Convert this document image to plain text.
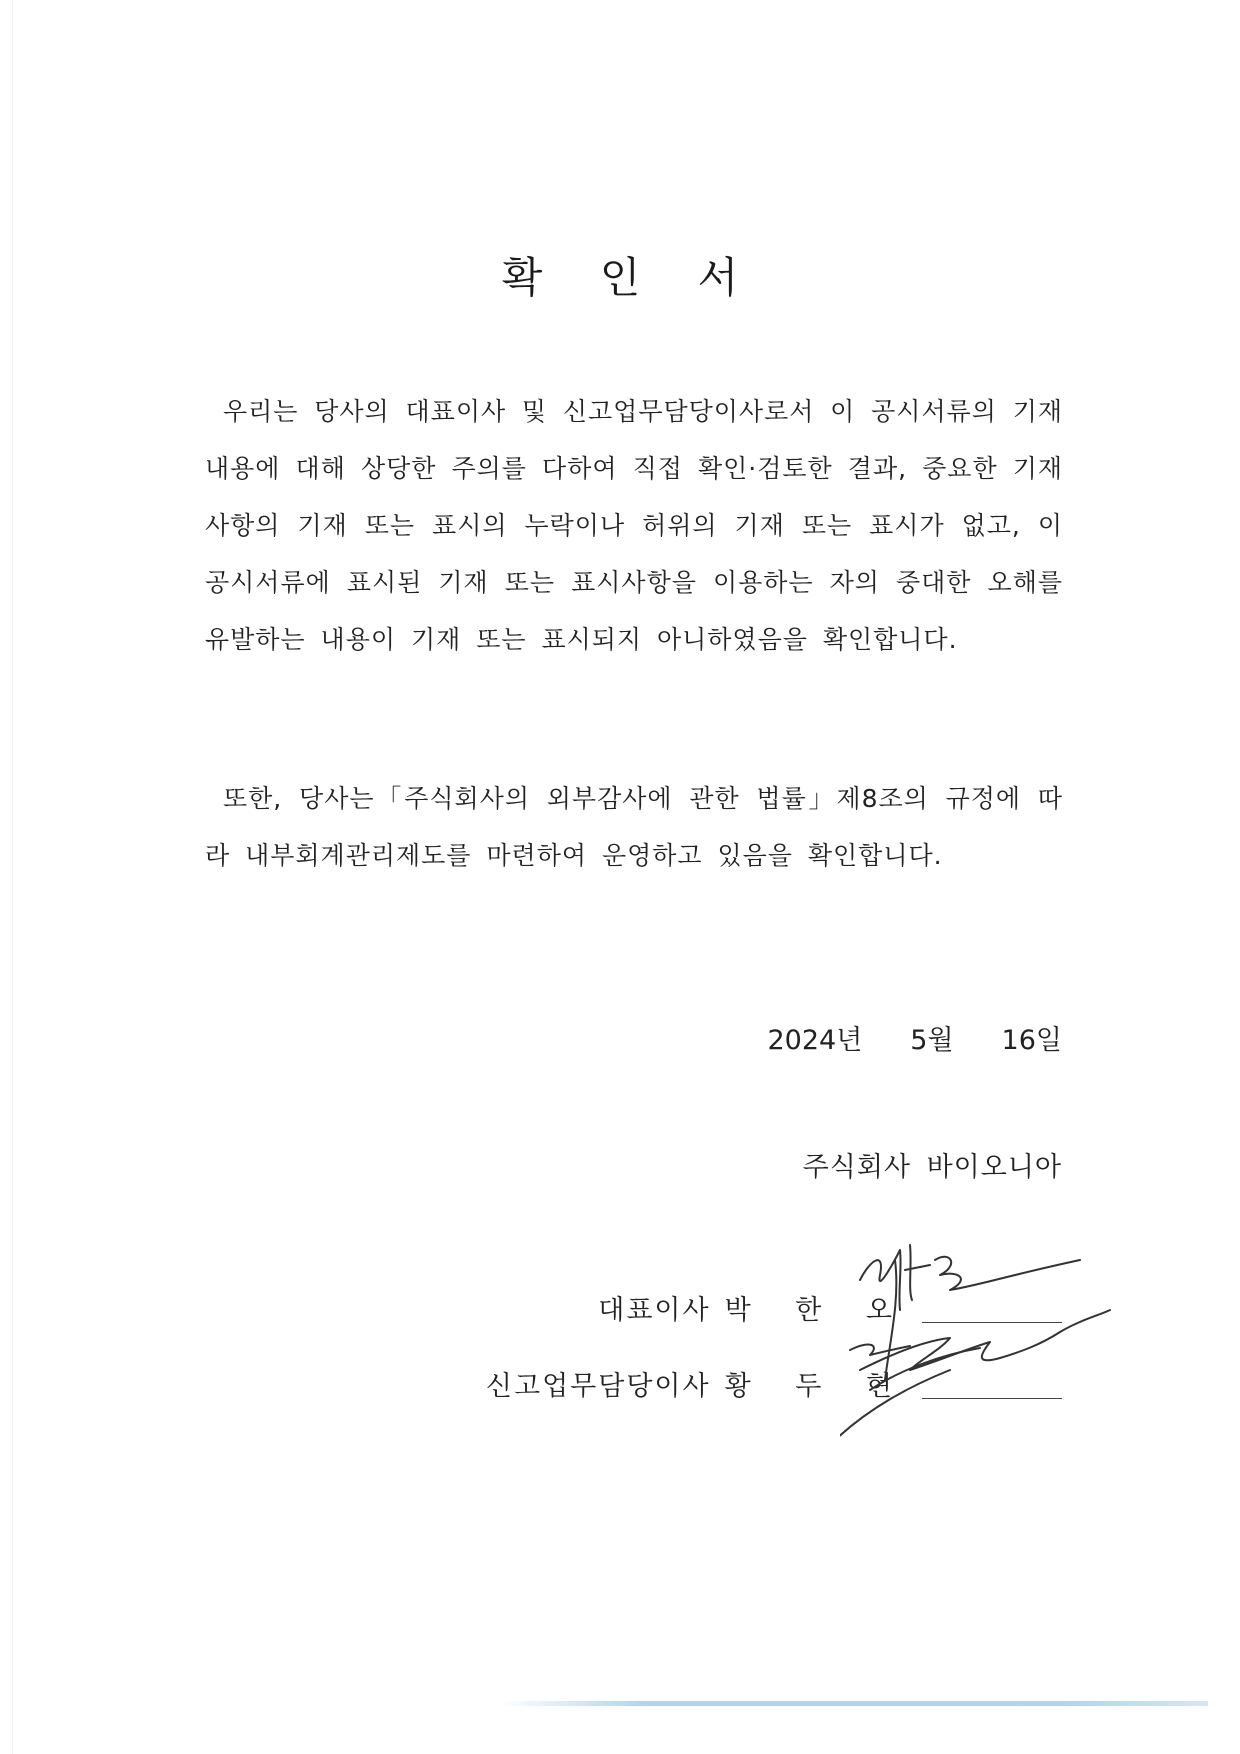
확 인 서
우리는 당사의 대표이사 및 신고업무담당이사로서 이 공시서류의 기재 내용에 대해 상당한 주의를 다하여 직접 확인·검토한 결과, 중요한 기재사항의 기재 또는 표시의 누락이나 허위의 기재 또는 표시가 없고, 이 공시서류에 표시된 기재 또는 표시사항을 이용하는 자의 중대한 오해를 유발하는 내용이 기재 또는 표시되지 아니하였음을 확인합니다.
또한, 당사는「주식회사의 외부감사에 관한 법률」제8조의 규정에 따라 내부회계관리제도를 마련하여 운영하고 있음을 확인합니다.
2024년 5월 16일
주식회사 바이오니아
대표이사 박 한 오
신고업무담당이사 황 두 현
